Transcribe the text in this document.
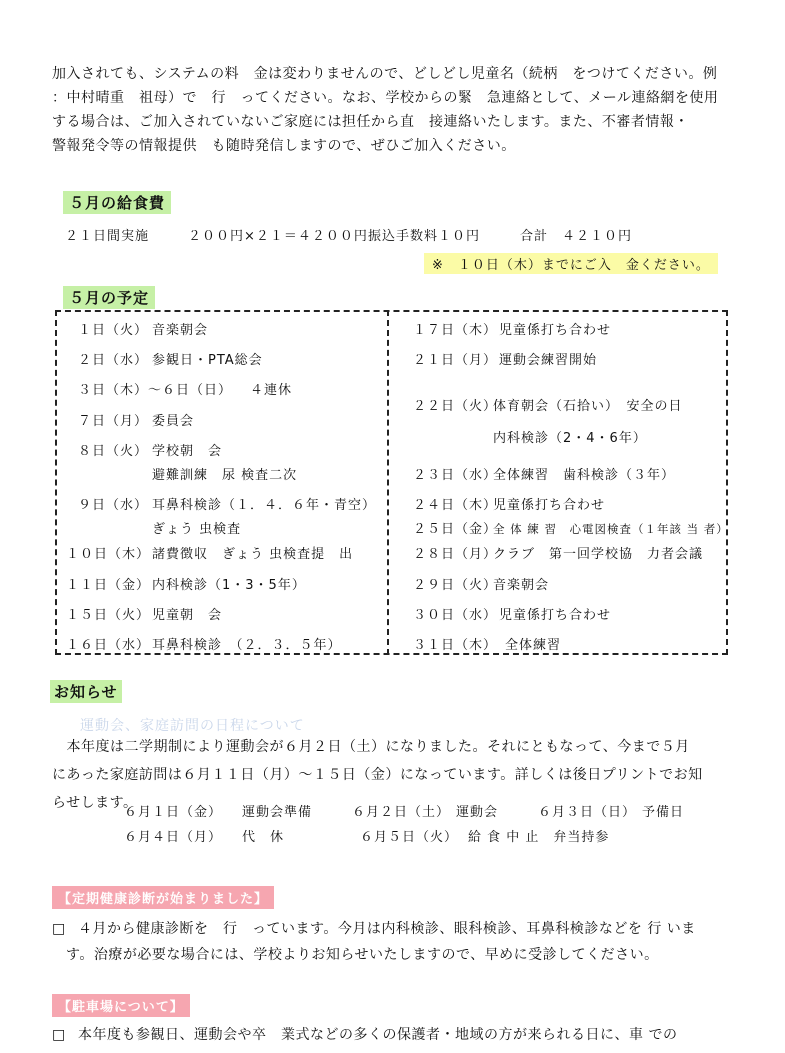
加入されても、システムの料　金は変わりませんので、どしどし児童名（続柄　をつけてください。例

：中村晴重　祖母）で　行　ってください。なお、学校からの緊　急連絡として、メール連絡網を使用

する場合は、ご加入されていないご家庭には担任から直　接連絡いたします。また、不審者情報・

警報発令等の情報提供　も随時発信しますので、ぜひご加入ください。

５月の給食費
２１日間実施	２００円×２１＝４２００円 振込手数料１０円	合計　４２１０円
※　１０日（木）までにご入　金ください。
５月の予定
１日（火） 音楽朝会
２日（水） 参観日・PTA総会
３日（木）～６日（日） ４連休
７日（月） 委員会
８日（火） 学校朝　会
避難訓練　尿 検査二次
９日（水） 耳鼻科検診（１．４．６年・青空）
ぎょう 虫検査
１０日（木） 諸費徴収　ぎょう 虫検査提　出
１１日（金） 内科検診（1・3・5年）
１５日（火） 児童朝　会
１６日（水） 耳鼻科検診　（２．３．５年）
１７日（木） 児童係打ち合わせ
２１日（月） 運動会練習開始
２２日（火）体育朝会（石拾い）　安全の日
内科検診（2・4・6年）
２３日（水）全体練習　歯科検診（３年）
２４日（木）児童係打ち合わせ
２５日（金）全 体 練 習　心電図検査（１年該 当 者）
２８日（月）クラブ　第一回学校協　力者会議
２９日（火）音楽朝会
３０日（水） 児童係打ち合わせ
３１日（木） 全体練習
お知らせ
運動会、家庭訪問の日程について

　本年度は二学期制により運動会が６月２日（土）になりました。それにともなって、今まで５月

にあった家庭訪問は６月１１日（月）～１５日（金）になっています。詳しくは後日プリントでお知

らせします。

６月１日（金） 運動会準備	６月２日（土） 運動会	６月３日（日） 予備日
６月４日（月） 代　休	６月５日（火） 給 食 中 止　弁当持参
【定期健康診断が始まりました】
□ ４月から健康診断を　行　っています。今月は内科検診、眼科検診、耳鼻科検診などを 行 いま
す。治療が必要な場合には、学校よりお知らせいたしますので、早めに受診してください。
【駐車場について】
□ 本年度も参観日、運動会や卒　業式などの多くの保護者・地域の方が来られる日に、車 での
